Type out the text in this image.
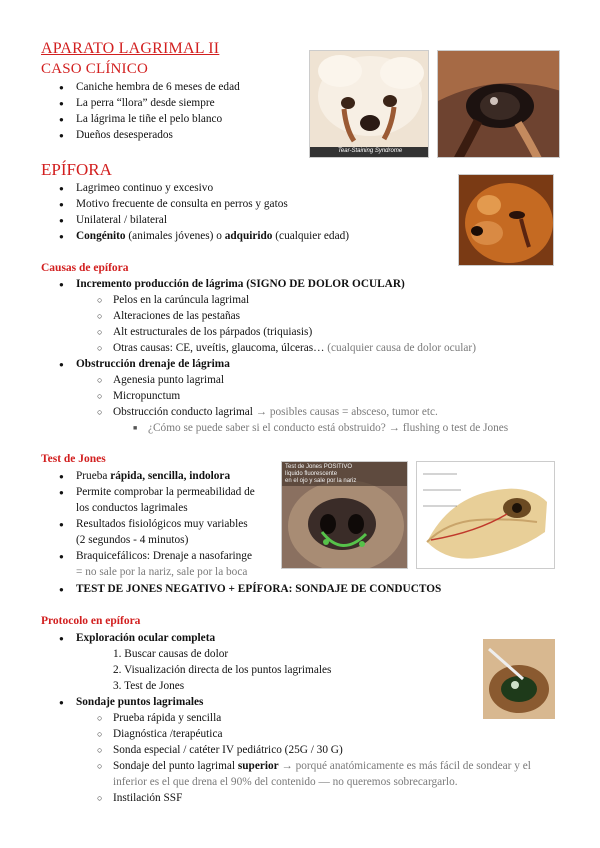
APARATO LAGRIMAL II
CASO CLÍNICO
● Caniche hembra de 6 meses de edad
● La perra “llora” desde siempre
● La lágrima le tiñe el pelo blanco
● Dueños desesperados
Tear-Staining Syndrome
EPÍFORA
● Lagrimeo continuo y excesivo
● Motivo frecuente de consulta en perros y gatos
● Unilateral / bilateral
● Congénito (animales jóvenes) o adquirido (cualquier edad)
Causas de epífora
● Incremento producción de lágrima (SIGNO DE DOLOR OCULAR)
○ Pelos en la carúncula lagrimal
○ Alteraciones de las pestañas
○ Alt estructurales de los párpados (triquiasis)
○ Otras causas: CE, uveítis, glaucoma, úlceras… (cualquier causa de dolor ocular)
● Obstrucción drenaje de lágrima
○ Agenesia punto lagrimal
○ Micropunctum
○ Obstrucción conducto lagrimal → posibles causas = absceso, tumor etc.
■ ¿Cómo se puede saber si el conducto está obstruido? → flushing o test de Jones
Test de Jones
● Prueba rápida, sencilla, indolora
● Permite comprobar la permeabilidad de
los conductos lagrimales
● Resultados fisiológicos muy variables
(2 segundos - 4 minutos)
● Braquicefálicos: Drenaje a nasofaringe
= no sale por la nariz, sale por la boca
● TEST DE JONES NEGATIVO + EPÍFORA: SONDAJE DE CONDUCTOS
Test de Jones POSITIVO
líquido fluorescente
en el ojo y sale por la nariz
Protocolo en epífora
● Exploración ocular completa
1. Buscar causas de dolor
2. Visualización directa de los puntos lagrimales
3. Test de Jones
● Sondaje puntos lagrimales
○ Prueba rápida y sencilla
○ Diagnóstica /terapéutica
○ Sonda especial / catéter IV pediátrico (25G / 30 G)
○ Sondaje del punto lagrimal superior → porqué anatómicamente es más fácil de sondear y el
inferior es el que drena el 90% del contenido — no queremos sobrecargarlo.
○ Instilación SSF
